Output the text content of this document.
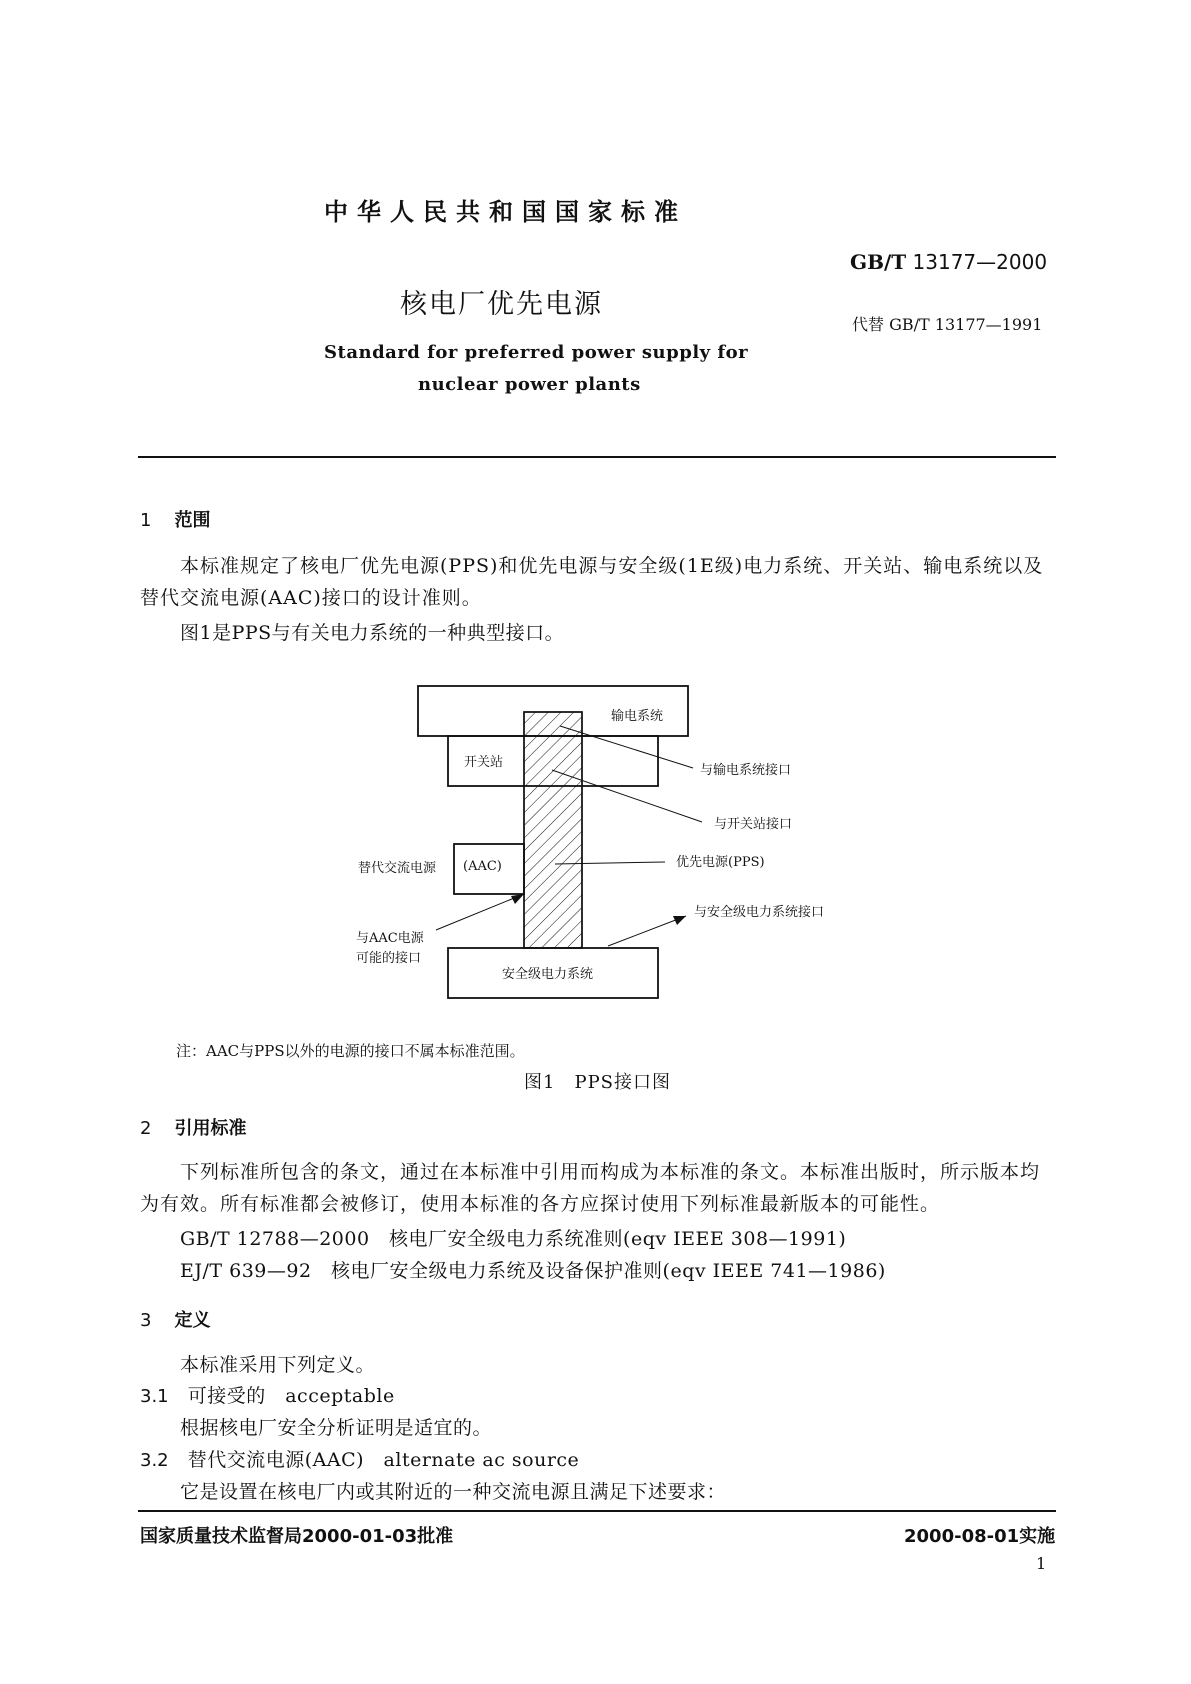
中华人民共和国国家标准
GB/T 13177—2000
核电厂优先电源
代替 GB/T 13177—1991
Standard for preferred power supply for
nuclear power plants
1 范围
本标准规定了核电厂优先电源(PPS)和优先电源与安全级(1E级)电力系统、开关站、输电系统以及替代交流电源(AAC)接口的设计准则。
图1是PPS与有关电力系统的一种典型接口。
输电系统
开关站
(AAC)
安全级电力系统
与输电系统接口
与开关站接口
优先电源(PPS)
替代交流电源
与安全级电力系统接口
与AAC电源
可能的接口
注：AAC与PPS以外的电源的接口不属本标准范围。
图1　PPS接口图
2 引用标准
下列标准所包含的条文，通过在本标准中引用而构成为本标准的条文。本标准出版时，所示版本均为有效。所有标准都会被修订，使用本标准的各方应探讨使用下列标准最新版本的可能性。
GB/T 12788—2000　核电厂安全级电力系统准则(eqv IEEE 308—1991)
EJ/T 639—92　核电厂安全级电力系统及设备保护准则(eqv IEEE 741—1986)
3 定义
本标准采用下列定义。
3.1 可接受的　acceptable
根据核电厂安全分析证明是适宜的。
3.2 替代交流电源(AAC)　alternate ac source
它是设置在核电厂内或其附近的一种交流电源且满足下述要求：
国家质量技术监督局2000-01-03批准	2000-08-01实施
1
